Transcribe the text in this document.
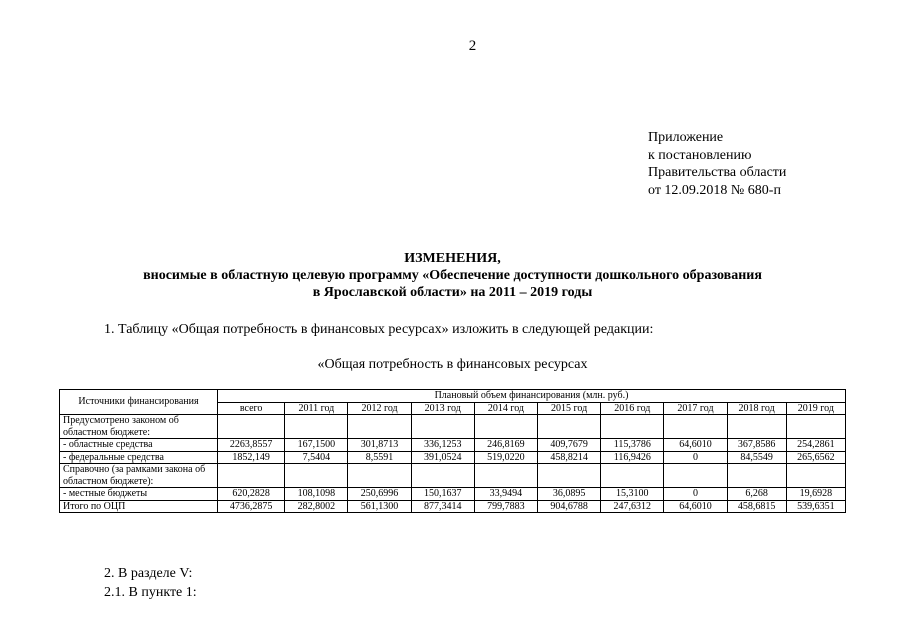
2
Приложение
к постановлению
Правительства области
от 12.09.2018 № 680-п
ИЗМЕНЕНИЯ,
вносимые в областную целевую программу «Обеспечение доступности дошкольного образования
в Ярославской области» на 2011 – 2019 годы
1. Таблицу «Общая потребность в финансовых ресурсах» изложить в следующей редакции:
«Общая потребность в финансовых ресурсах
Источники финансирования	Плановый объем финансирования (млн. руб.)									
	всего	2011 год	2012 год	2013 год	2014 год	2015 год	2016 год	2017 год	2018 год	2019 год
Предусмотрено законом об областном бюджете:										
- областные средства	2263,8557	167,1500	301,8713	336,1253	246,8169	409,7679	115,3786	64,6010	367,8586	254,2861
- федеральные средства	1852,149	7,5404	8,5591	391,0524	519,0220	458,8214	116,9426	0	84,5549	265,6562
Справочно (за рамками закона об областном бюджете):										
- местные бюджеты	620,2828	108,1098	250,6996	150,1637	33,9494	36,0895	15,3100	0	6,268	19,6928
Итого по ОЦП	4736,2875	282,8002	561,1300	877,3414	799,7883	904,6788	247,6312	64,6010	458,6815	539,6351
2. В разделе V:
2.1. В пункте 1:
